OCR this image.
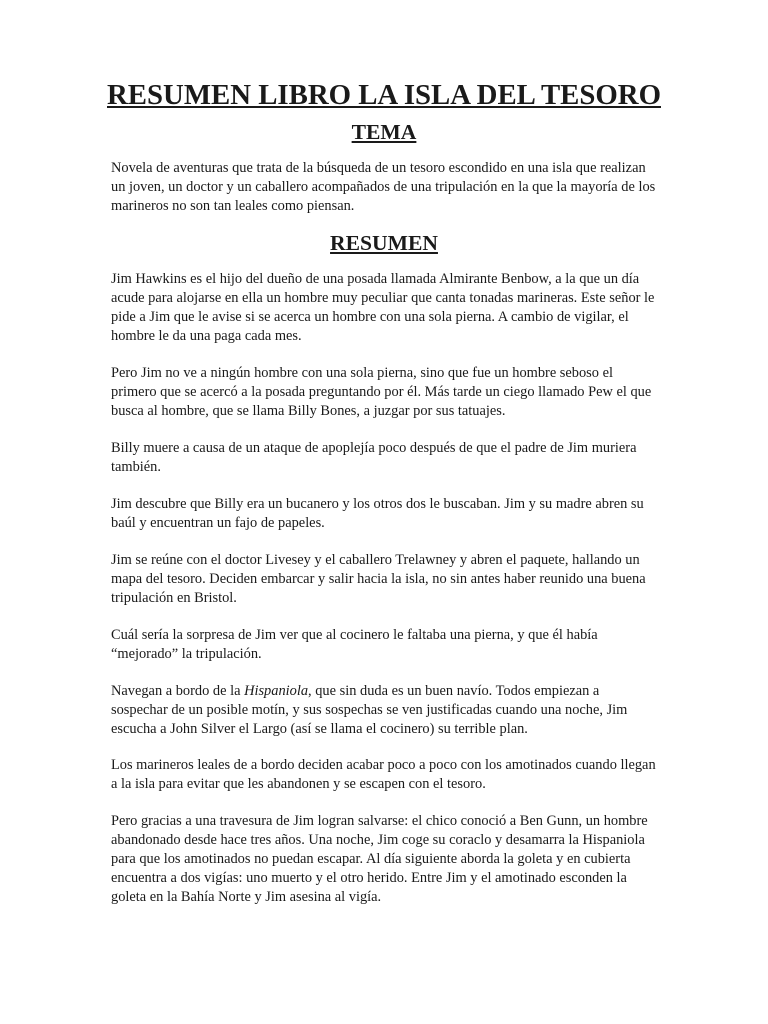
RESUMEN LIBRO LA ISLA DEL TESORO
TEMA

Novela de aventuras que trata de la búsqueda de un tesoro escondido en una isla que realizan un joven, un doctor y un caballero acompañados de una tripulación en la que la mayoría de los marineros no son tan leales como piensan.

RESUMEN

Jim Hawkins es el hijo del dueño de una posada llamada Almirante Benbow, a la que un día acude para alojarse en ella un hombre muy peculiar que canta tonadas marineras. Este señor le pide a Jim que le avise si se acerca un hombre con una sola pierna. A cambio de vigilar, el hombre le da una paga cada mes.

Pero Jim no ve a ningún hombre con una sola pierna, sino que fue un hombre seboso el primero que se acercó a la posada preguntando por él. Más tarde un ciego llamado Pew el que busca al hombre, que se llama Billy Bones, a juzgar por sus tatuajes.

Billy muere a causa de un ataque de apoplejía poco después de que el padre de Jim muriera también.

Jim descubre que Billy era un bucanero y los otros dos le buscaban. Jim y su madre abren su baúl y encuentran un fajo de papeles.

Jim se reúne con el doctor Livesey y el caballero Trelawney y abren el paquete, hallando un mapa del tesoro. Deciden embarcar y salir hacia la isla, no sin antes haber reunido una buena tripulación en Bristol.

Cuál sería la sorpresa de Jim ver que al cocinero le faltaba una pierna, y que él había “mejorado” la tripulación.

Navegan a bordo de la Hispaniola, que sin duda es un buen navío. Todos empiezan a sospechar de un posible motín, y sus sospechas se ven justificadas cuando una noche, Jim escucha a John Silver el Largo (así se llama el cocinero) su terrible plan.

Los marineros leales de a bordo deciden acabar poco a poco con los amotinados cuando llegan a la isla para evitar que les abandonen y se escapen con el tesoro.

Pero gracias a una travesura de Jim logran salvarse: el chico conoció a Ben Gunn, un hombre abandonado desde hace tres años. Una noche, Jim coge su coraclo y desamarra la Hispaniola para que los amotinados no puedan escapar. Al día siguiente aborda la goleta y en cubierta encuentra a dos vigías: uno muerto y el otro herido. Entre Jim y el amotinado esconden la goleta en la Bahía Norte y Jim asesina al vigía.
